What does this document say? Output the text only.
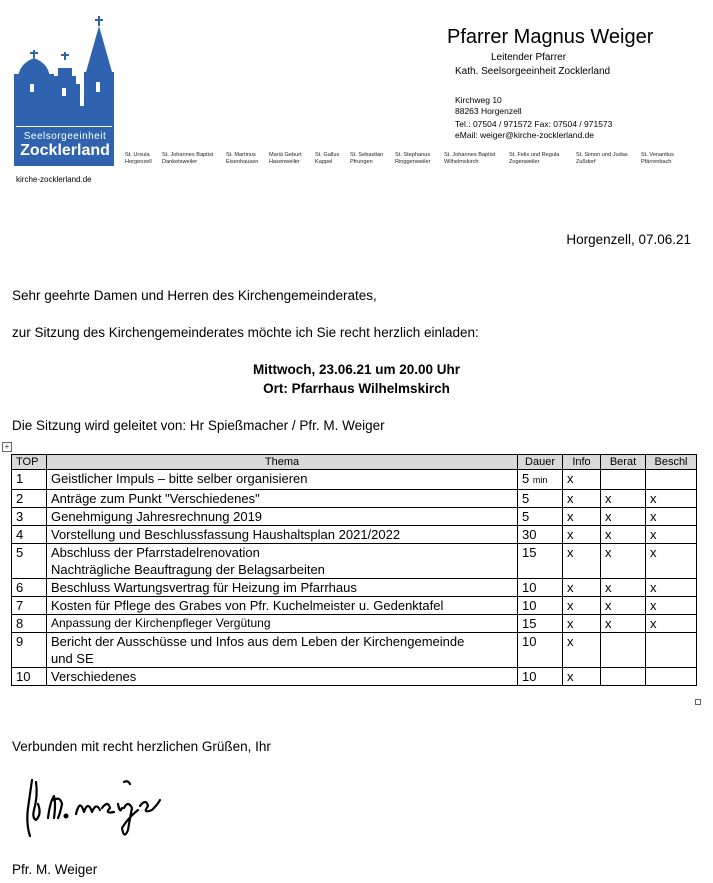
Seelsorgeeinheit
Zocklerland
kirche-zocklerland.de
St. Ursula
Horgenzell
St. Johannes Baptist
Danketsweiler
St. Martinus
Eisenhausen
Mariä Geburt
Hasenweiler
St. Gallus
Kappel
St. Sebastian
Pfrungen
St. Stephanus
Ringgenweiler
St. Johannes Baptist
Wilhelmskirch
St. Felix und Regula
Zogenweiler
St. Simon und Judas
Zußdorf
St. Venantius
Pfärrenbach
Pfarrer Magnus Weiger
Leitender Pfarrer
Kath. Seelsorgeeinheit Zocklerland
Kirchweg 10
88263 Horgenzell
Tel.: 07504 / 971572 Fax: 07504 / 971573
eMail: weiger@kirche-zocklerland.de
Horgenzell, 07.06.21
Sehr geehrte Damen und Herren des Kirchengemeinderates,
zur Sitzung des Kirchengemeinderates möchte ich Sie recht herzlich einladen:
Mittwoch, 23.06.21 um 20.00 Uhr
Ort: Pfarrhaus Wilhelmskirch
Die Sitzung wird geleitet von: Hr Spießmacher / Pfr. M. Weiger
+
TOP	Thema	Dauer	Info	Berat	Beschl
1	Geistlicher Impuls – bitte selber organisieren	5 min	x		
2	Anträge zum Punkt "Verschiedenes"	5	x	x	x
3	Genehmigung Jahresrechnung 2019	5	x	x	x
4	Vorstellung und Beschlussfassung Haushaltsplan 2021/2022	30	x	x	x
5	Abschluss der Pfarrstadelrenovation
Nachträgliche Beauftragung der Belagsarbeiten	15	x	x	x
6	Beschluss Wartungsvertrag für Heizung im Pfarrhaus	10	x	x	x
7	Kosten für Pflege des Grabes von Pfr. Kuchelmeister u. Gedenktafel	10	x	x	x
8	Anpassung der Kirchenpfleger Vergütung	15	x	x	x
9	Bericht der Ausschüsse und Infos aus dem Leben der Kirchengemeinde
und SE	10	x		
10	Verschiedenes	10	x		
Verbunden mit recht herzlichen Grüßen, Ihr
Pfr. M. Weiger
